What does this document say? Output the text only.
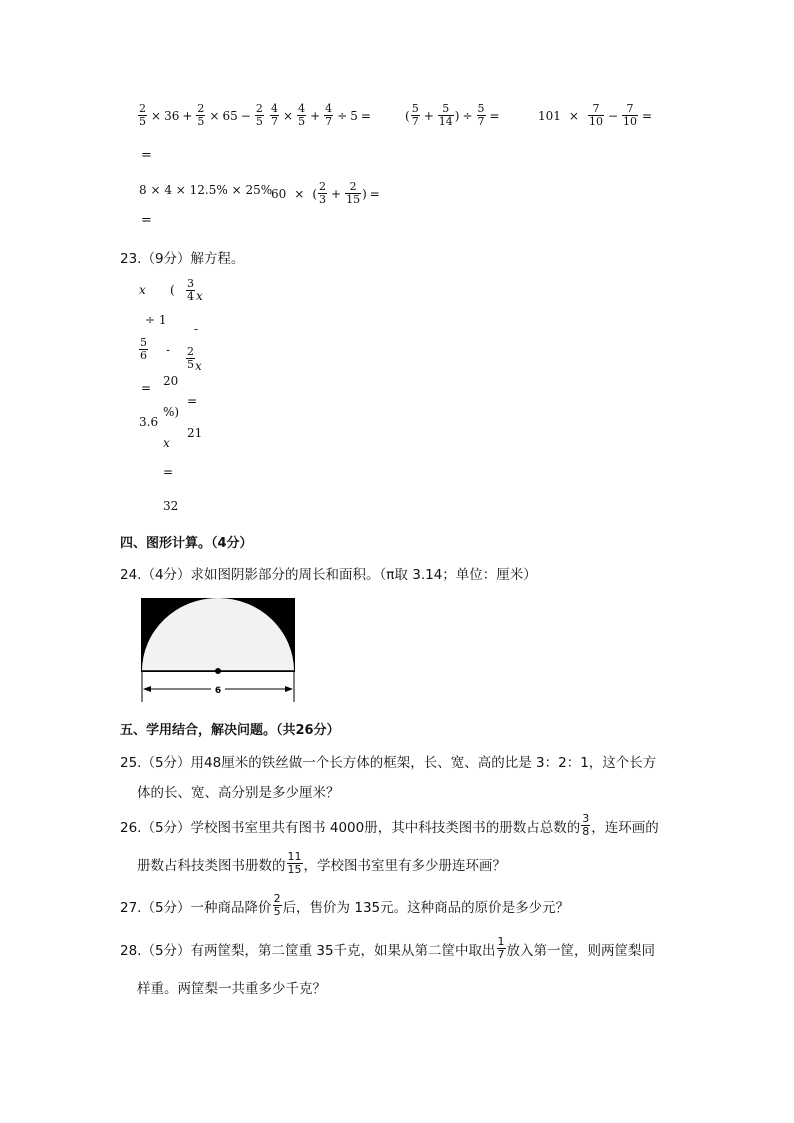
$\frac{2}{5} \times 36 + \frac{2}{5} \times 65 - \frac{2}{5} \frac{4}{7} \times \frac{4}{5} + \frac{4}{7} \div 5$ =	( $\frac{5}{7} + \frac{5}{14}$ ) ÷ $\frac{5}{7}$ =	$101 \times \frac{7}{10} - \frac{7}{10}$ =
=
8 × 4 × 12.5% × 25%
60 × ( $\frac{2}{3} + \frac{2}{15}$ ) =
=
23.（9分）解方程。
x ( $\frac{3}{4}$ x
÷ 1
-
$\frac{5}{6} - \frac{2}{5}$ x
20
=
3.6
%)
=
21
x
=
32
四、图形计算。（4分）
24.（4分）求如图阴影部分的周长和面积。（π取 3.14；单位：厘米）
6
五、学用结合，解决问题。（共26分）
25.（5分）用48厘米的铁丝做一个长方体的框架，长、宽、高的比是 3：2：1，这个长方
体的长、宽、高分别是多少厘米？
26.（5分）学校图书室里共有图书 4000册，其中科技类图书的册数占总数的 $\frac{3}{8}$ ，连环画的
册数占科技类图书册数的 $\frac{11}{15}$ ，学校图书室里有多少册连环画？
27.（5分）一种商品降价 $\frac{2}{5}$ 后，售价为 135元。这种商品的原价是多少元？
28.（5分）有两筐梨，第二筐重 35千克，如果从第二筐中取出 $\frac{1}{7}$ 放入第一筐，则两筐梨同
样重。两筐梨一共重多少千克？
